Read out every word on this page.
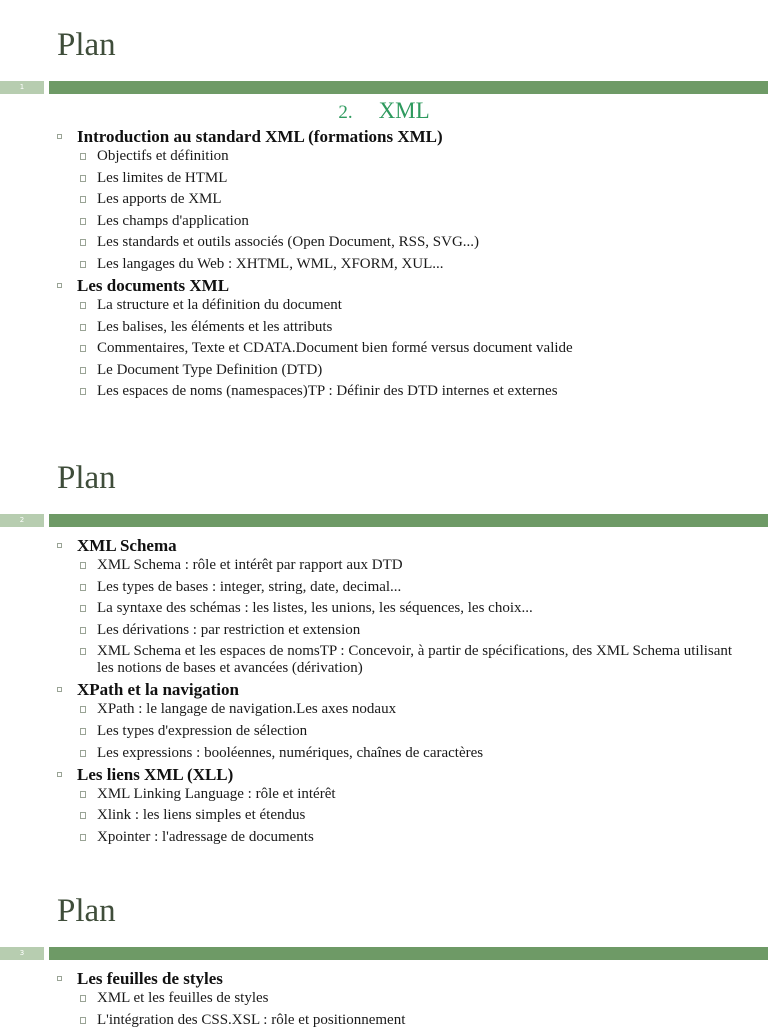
Plan
1
2. XML
Introduction au standard XML (formations XML)
Objectifs et définition
Les limites de HTML
Les apports de XML
Les champs d'application
Les standards et outils associés (Open Document, RSS, SVG...)
Les langages du Web : XHTML, WML, XFORM, XUL...
Les documents XML
La structure et la définition du document
Les balises, les éléments et les attributs
Commentaires, Texte et CDATA.Document bien formé versus document valide
Le Document Type Definition (DTD)
Les espaces de noms (namespaces)TP : Définir des DTD internes et externes
Plan
2
XML Schema
XML Schema : rôle et intérêt par rapport aux DTD
Les types de bases : integer, string, date, decimal...
La syntaxe des schémas : les listes, les unions, les séquences, les choix...
Les dérivations : par restriction et extension
XML Schema et les espaces de nomsTP : Concevoir, à partir de spécifications, des XML Schema utilisant les notions de bases et avancées (dérivation)
XPath et la navigation
XPath : le langage de navigation.Les axes nodaux
Les types d'expression de sélection
Les expressions : booléennes, numériques, chaînes de caractères
Les liens XML (XLL)
XML Linking Language : rôle et intérêt
Xlink : les liens simples et étendus
Xpointer : l'adressage de documents
Plan
3
Les feuilles de styles
XML et les feuilles de styles
L'intégration des CSS.XSL : rôle et positionnement
